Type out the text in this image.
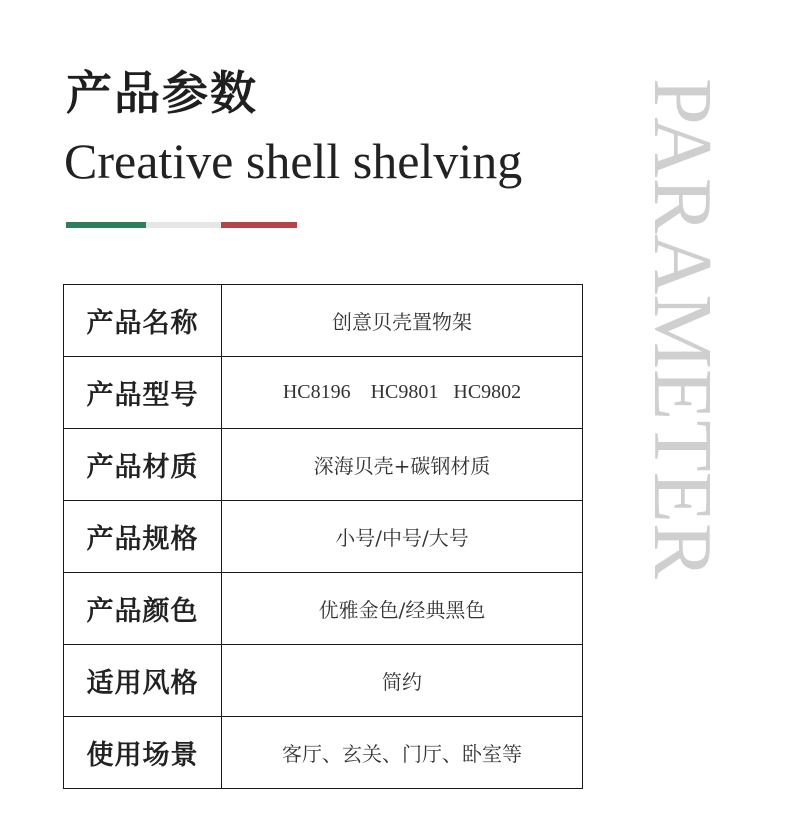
产品参数
Creative shell shelving PARAMETER
产品名称	创意贝壳置物架
产品型号	HC8196    HC9801   HC9802
产品材质	深海贝壳+碳钢材质
产品规格	小号/中号/大号
产品颜色	优雅金色/经典黑色
适用风格	简约
使用场景	客厅、玄关、门厅、卧室等
